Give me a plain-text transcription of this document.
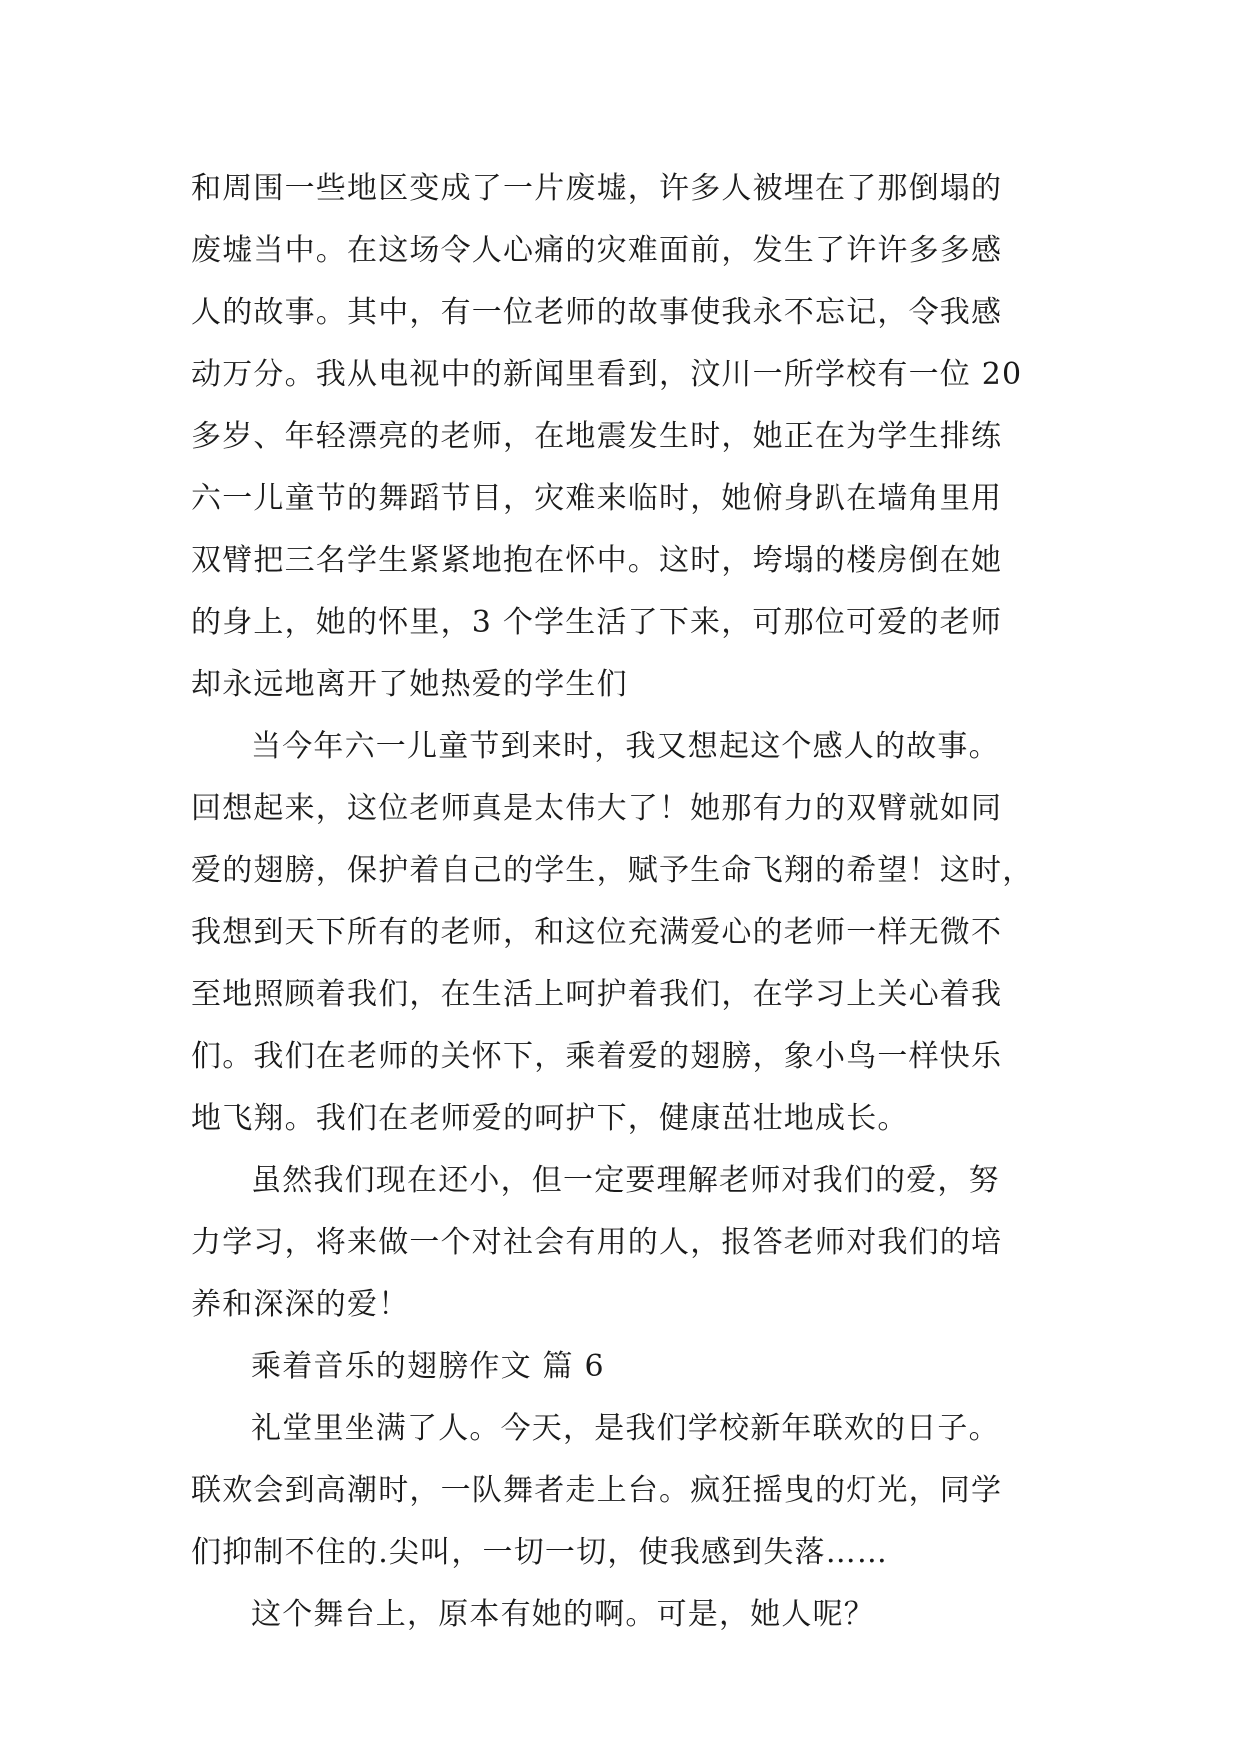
和周围一些地区变成了一片废墟，许多人被埋在了那倒塌的
废墟当中。在这场令人心痛的灾难面前，发生了许许多多感
人的故事。其中，有一位老师的故事使我永不忘记，令我感
动万分。我从电视中的新闻里看到，汶川一所学校有一位 20
多岁、年轻漂亮的老师，在地震发生时，她正在为学生排练
六一儿童节的舞蹈节目，灾难来临时，她俯身趴在墙角里用
双臂把三名学生紧紧地抱在怀中。这时，垮塌的楼房倒在她
的身上，她的怀里，3 个学生活了下来，可那位可爱的老师
却永远地离开了她热爱的学生们
当今年六一儿童节到来时，我又想起这个感人的故事。
回想起来，这位老师真是太伟大了！她那有力的双臂就如同
爱的翅膀，保护着自己的学生，赋予生命飞翔的希望！这时，
我想到天下所有的老师，和这位充满爱心的老师一样无微不
至地照顾着我们，在生活上呵护着我们，在学习上关心着我
们。我们在老师的关怀下，乘着爱的翅膀，象小鸟一样快乐
地飞翔。我们在老师爱的呵护下，健康茁壮地成长。
虽然我们现在还小，但一定要理解老师对我们的爱，努
力学习，将来做一个对社会有用的人，报答老师对我们的培
养和深深的爱！
乘着音乐的翅膀作文 篇 6
礼堂里坐满了人。今天，是我们学校新年联欢的日子。
联欢会到高潮时，一队舞者走上台。疯狂摇曳的灯光，同学
们抑制不住的.尖叫，一切一切，使我感到失落……
这个舞台上，原本有她的啊。可是，她人呢？
